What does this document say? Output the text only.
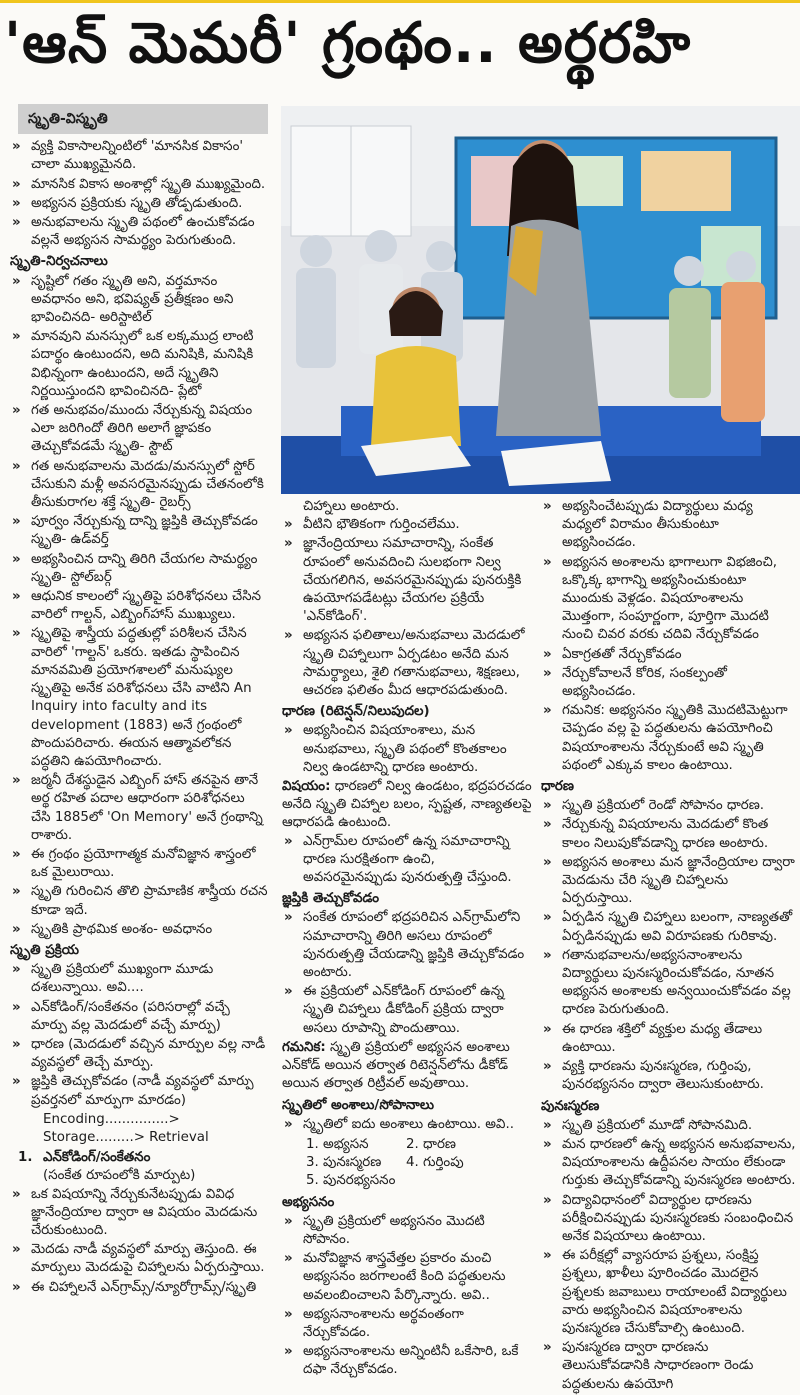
'ఆన్ మెమరీ' గ్రంథం.. అర్థరహి
స్మృతి-విస్మృతి
» వ్యక్తి వికాసాలన్నింటిలో 'మానసిక వికాసం' చాలా ముఖ్యమైనది.
» మానసిక వికాస అంశాల్లో స్మృతి ముఖ్యమైంది.
» అభ్యసన ప్రక్రియకు స్మృతి తోడ్పడుతుంది.
» అనుభవాలను స్మృతి పథంలో ఉంచుకోవడం వల్లనే అభ్యసన సామర్థ్యం పెరుగుతుంది.
స్మృతి-నిర్వచనాలు
» సృష్టిలో గతం స్మృతి అని, వర్తమానం అవధానం అని, భవిష్యత్ ప్రతీక్షణం అని భావించినది- అరిస్టాటిల్
» మానవుని మనస్సులో ఒక లక్కముద్ర లాంటి పదార్థం ఉంటుందని, అది మనిషికి, మనిషికి విభిన్నంగా ఉంటుందని, అదే స్మృతిని నిర్ణయిస్తుందని భావించినది- ప్లేటో
» గత అనుభవం/ముందు నేర్చుకున్న విషయం ఎలా జరిగిందో తిరిగి అలాగే జ్ఞాపకం తెచ్చుకోవడమే స్మృతి- స్టౌట్
» గత అనుభవాలను మెదడు/మనస్సులో స్టోర్ చేసుకుని మళ్లీ అవసరమైనప్పుడు చేతనంలోకి తీసుకురాగల శక్తే స్మృతి- రైబర్స్
» పూర్వం నేర్చుకున్న దాన్ని జ్ఞప్తికి తెచ్చుకోవడం స్మృతి- ఉడ్‌వర్త్
» అభ్యసించిన దాన్ని తిరిగి చేయగల సామర్థ్యం స్మృతి- స్టోల్‌బర్గ్
» ఆధునిక కాలంలో స్మృతిపై పరిశోధనలు చేసిన వారిలో గాల్టన్, ఎబ్బింగ్‌హాస్ ముఖ్యులు.
» స్మృతిపై శాస్త్రీయ పద్ధతుల్లో పరిశీలన చేసిన వారిలో 'గాల్టన్' ఒకరు. ఇతడు స్థాపించిన మానవమితి ప్రయోగశాలలో మనుష్యుల స్మృతిపై అనేక పరిశోధనలు చేసి వాటిని An Inquiry into faculty and its development (1883) అనే గ్రంథంలో పొందుపరిచారు. ఈయన ఆత్మావలోకన పద్ధతిని ఉపయోగించారు.
» జర్మనీ దేశస్థుడైన ఎబ్బింగ్ హాస్ తనపైన తానే అర్థ రహిత పదాల ఆధారంగా పరిశోధనలు చేసి 1885లో 'On Memory' అనే గ్రంథాన్ని రాశారు.
» ఈ గ్రంథం ప్రయోగాత్మక మనోవిజ్ఞాన శాస్త్రంలో ఒక మైలురాయి.
» స్మృతి గురించిన తొలి ప్రామాణిక శాస్త్రీయ రచన కూడా ఇదే.
» స్మృతికి ప్రాథమిక అంశం- అవధానం
స్మృతి ప్రక్రియ
» స్మృతి ప్రక్రియలో ముఖ్యంగా మూడు దశలున్నాయి. అవి....
» ఎన్‌కోడింగ్/సంకేతనం (పరిసరాల్లో వచ్చే మార్పు వల్ల మెదడులో వచ్చే మార్పు)
» ధారణ (మెదడులో వచ్చిన మార్పుల వల్ల నాడీ వ్యవస్థలో తెచ్చే మార్పు.
» జ్ఞప్తికి తెచ్చుకోవడం (నాడీ వ్యవస్థలో మార్పు ప్రవర్తనలో మార్పుగా మారడం)

Encoding...............> Storage.........> Retrieval

1. ఎన్‌కోడింగ్/సంకేతనం

(సంకేత రూపంలోకి మార్పుట)

» ఒక విషయాన్ని నేర్చుకునేటప్పుడు వివిధ జ్ఞానేంద్రియాల ద్వారా ఆ విషయం మెదడును చేరుకుంటుంది.
» మెదడు నాడీ వ్యవస్థలో మార్పు తెస్తుంది. ఈ మార్పులు మెదడుపై చిహ్నాలను ఏర్పరుస్తాయి.
» ఈ చిహ్నాలనే ఎన్‌గ్రామ్స్/న్యూరోగ్రామ్స్/స్మృతి

చిహ్నాలు అంటారు.

» వీటిని భౌతికంగా గుర్తించలేము.
» జ్ఞానేంద్రియాలు సమాచారాన్ని, సంకేత రూపంలో అనువదించి సులభంగా నిల్వ చేయగలిగిన, అవసరమైనప్పుడు పునరుక్తికి ఉపయోగపడేటట్లు చేయగల ప్రక్రియే 'ఎన్‌కోడింగ్'.
» అభ్యసన ఫలితాలు/అనుభవాలు మెదడులో స్మృతి చిహ్నాలుగా ఏర్పడటం అనేది మన సామర్థ్యాలు, శైలి గతానుభవాలు, శిక్షణలు, ఆచరణ ఫలితం మీద ఆధారపడుతుంది.
ధారణ (రిటెన్షన్/నిలుపుదల)
» అభ్యసించిన విషయాంశాలు, మన అనుభవాలు, స్మృతి పథంలో కొంతకాలం నిల్వ ఉండటాన్ని ధారణ అంటారు.

విషయం: ధారణలో నిల్వ ఉండటం, భద్రపరచడం అనేది స్మృతి చిహ్నాల బలం, స్పష్టత, నాణ్యతలపై ఆధారపడి ఉంటుంది.

» ఎన్‌గ్రామ్‌ల రూపంలో ఉన్న సమాచారాన్ని ధారణ సురక్షితంగా ఉంచి, అవసరమైనప్పుడు పునరుత్పత్తి చేస్తుంది.
జ్ఞప్తికి తెచ్చుకోవడం
» సంకేత రూపంలో భద్రపరిచిన ఎన్‌గ్రామ్‌లోని సమాచారాన్ని తిరిగి అసలు రూపంలో పునరుత్పత్తి చేయడాన్ని జ్ఞప్తికి తెచ్చుకోవడం అంటారు.
» ఈ ప్రక్రియలో ఎన్‌కోడింగ్ రూపంలో ఉన్న స్మృతి చిహ్నాలు డీకోడింగ్ ప్రక్రియ ద్వారా అసలు రూపాన్ని పొందుతాయి.

గమనిక: స్మృతి ప్రక్రియలో అభ్యసన అంశాలు ఎన్‌కోడ్ అయిన తర్వాత రిటెన్షన్‌లోను డీకోడ్ అయిన తర్వాత రిట్రీవల్ అవుతాయి.

స్మృతిలో అంశాలు/సోపానాలు
» స్మృతిలో ఐదు అంశాలు ఉంటాయి. అవి..
1. అభ్యసన	2. ధారణ
3. పునఃస్మరణ	4. గుర్తింపు
5. పునరభ్యసనం
అభ్యసనం
» స్మృతి ప్రక్రియలో అభ్యసనం మొదటి సోపానం.
» మనోవిజ్ఞాన శాస్త్రవేత్తల ప్రకారం మంచి అభ్యసనం జరగాలంటే కింది పద్ధతులను అవలంబించాలని పేర్కొన్నారు. అవి..
» అభ్యసనాంశాలను అర్థవంతంగా నేర్చుకోవడం.
» అభ్యసనాంశాలను అన్నింటినీ ఒకేసారి, ఒకే దఫా నేర్చుకోవడం.
» అభ్యసించేటప్పుడు విద్యార్థులు మధ్య మధ్యలో విరామం తీసుకుంటూ అభ్యసించడం.
» అభ్యసన అంశాలను భాగాలుగా విభజించి, ఒక్కొక్క భాగాన్ని అభ్యసించుకుంటూ ముందుకు వెళ్లడం. విషయాంశాలను మొత్తంగా, సంపూర్ణంగా, పూర్తిగా మొదటి నుంచి చివర వరకు చదివి నేర్చుకోవడం
» ఏకాగ్రతతో నేర్చుకోవడం
» నేర్చుకోవాలనే కోరిక, సంకల్పంతో అభ్యసించడం.
» గమనిక: అభ్యసనం స్మృతికి మొదటిమెట్టుగా చెప్పడం వల్ల పై పద్ధతులను ఉపయోగించి విషయాంశాలను నేర్చుకుంటే అవి స్మృతి పథంలో ఎక్కువ కాలం ఉంటాయి.
ధారణ
» స్మృతి ప్రక్రియలో రెండో సోపానం ధారణ.
» నేర్చుకున్న విషయాలను మెదడులో కొంత కాలం నిలుపుకోవడాన్ని ధారణ అంటారు.
» అభ్యసన అంశాలు మన జ్ఞానేంద్రియాల ద్వారా మెదడును చేరి స్మృతి చిహ్నాలను ఏర్పరుస్తాయి.
» ఏర్పడిన స్మృతి చిహ్నాలు బలంగా, నాణ్యతతో ఏర్పడినప్పుడు అవి విరూపణకు గురికావు.
» గతానుభవాలను/అభ్యసనాంశాలను విద్యార్థులు పునఃస్మరించుకోవడం, నూతన అభ్యసన అంశాలకు అన్వయించుకోవడం వల్ల ధారణ పెరుగుతుంది.
» ఈ ధారణ శక్తిలో వ్యక్తుల మధ్య తేడాలు ఉంటాయి.
» వ్యక్తి ధారణను పునఃస్మరణ, గుర్తింపు, పునరభ్యసనం ద్వారా తెలుసుకుంటారు.
పునఃస్మరణ
» స్మృతి ప్రక్రియలో మూడో సోపానమిది.
» మన ధారణలో ఉన్న అభ్యసన అనుభవాలను, విషయాంశాలను ఉద్దీపనల సాయం లేకుండా గుర్తుకు తెచ్చుకోవడాన్ని పునఃస్మరణ అంటారు.
» విద్యావిధానంలో విద్యార్థుల ధారణను పరీక్షించినప్పుడు పునఃస్మరణకు సంబంధించిన అనేక విషయాలు ఉంటాయి.
» ఈ పరీక్షల్లో వ్యాసరూప ప్రశ్నలు, సంక్షిప్త ప్రశ్నలు, ఖాళీలు పూరించడం మొదలైన ప్రశ్నలకు జవాబులు రాయాలంటే విద్యార్థులు వారు అభ్యసించిన విషయాంశాలను పునఃస్మరణ చేసుకోవాల్సి ఉంటుంది.
» పునఃస్మరణ ద్వారా ధారణను తెలుసుకోవడానికి సాధారణంగా రెండు పద్ధతులను ఉపయోగి
